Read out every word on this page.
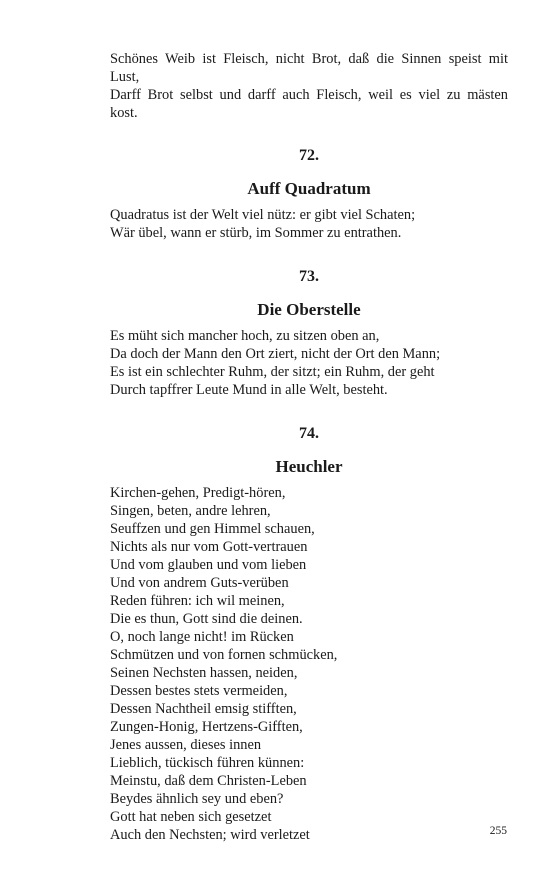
Schönes Weib ist Fleisch, nicht Brot, daß die Sinnen speist mit

Lust,

Darff Brot selbst und darff auch Fleisch, weil es viel zu mästen

kost.

72.

Auff Quadratum

Quadratus ist der Welt viel nütz: er gibt viel Schaten;

Wär übel, wann er stürb, im Sommer zu entrathen.

73.

Die Oberstelle

Es müht sich mancher hoch, zu sitzen oben an,

Da doch der Mann den Ort ziert, nicht der Ort den Mann;

Es ist ein schlechter Ruhm, der sitzt; ein Ruhm, der geht

Durch tapffrer Leute Mund in alle Welt, besteht.

74.

Heuchler

Kirchen-gehen, Predigt-hören,

Singen, beten, andre lehren,

Seuffzen und gen Himmel schauen,

Nichts als nur vom Gott-vertrauen

Und vom glauben und vom lieben

Und von andrem Guts-verüben

Reden führen: ich wil meinen,

Die es thun, Gott sind die deinen.

O, noch lange nicht! im Rücken

Schmützen und von fornen schmücken,

Seinen Nechsten hassen, neiden,

Dessen bestes stets vermeiden,

Dessen Nachtheil emsig stifften,

Zungen-Honig, Hertzens-Gifften,

Jenes aussen, dieses innen

Lieblich, tückisch führen künnen:

Meinstu, daß dem Christen-Leben

Beydes ähnlich sey und eben?

Gott hat neben sich gesetzet

Auch den Nechsten; wird verletzet	255
